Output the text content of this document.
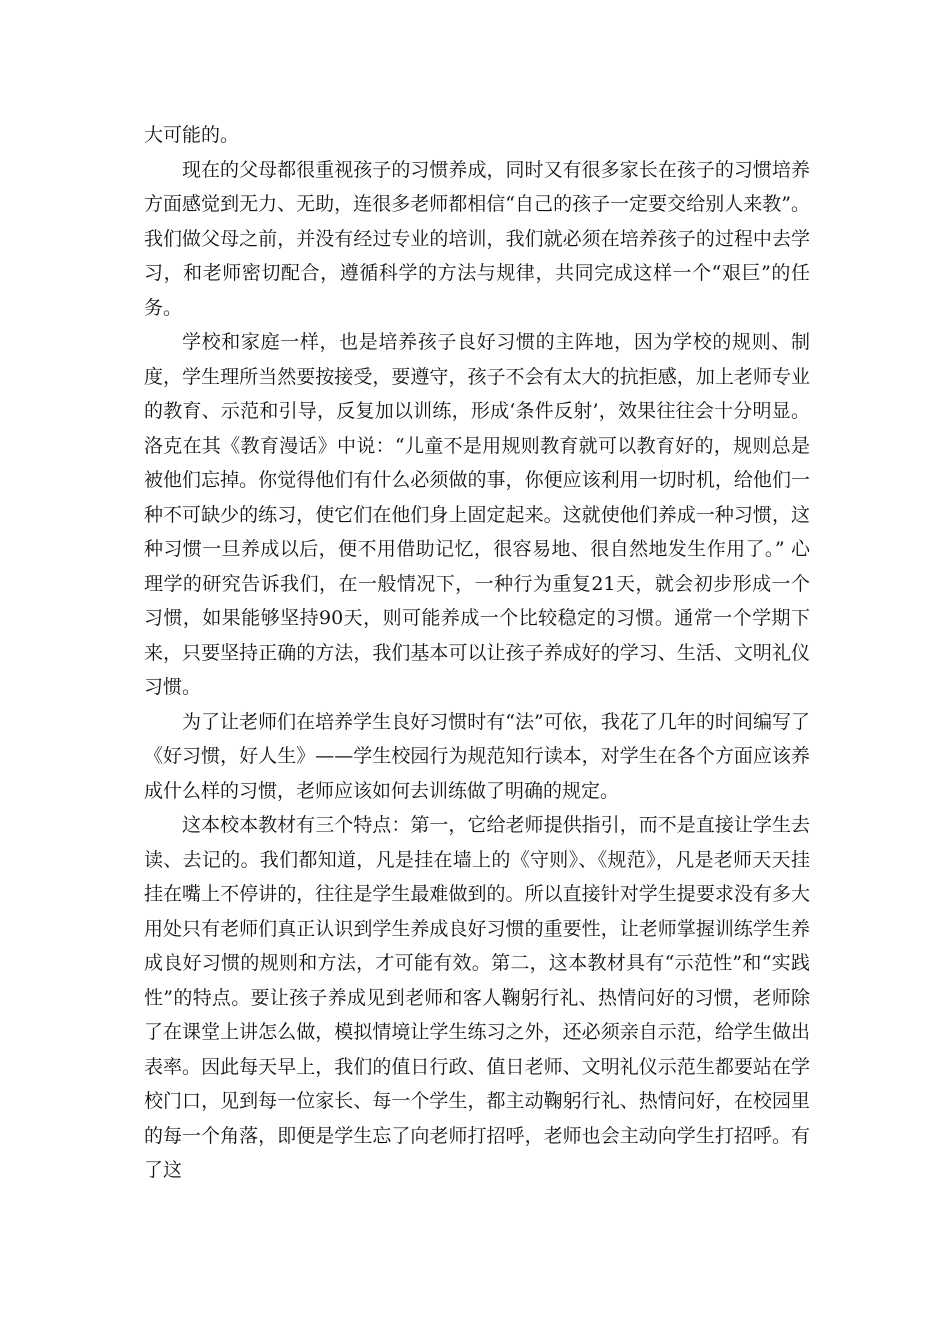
大可能的。

现在的父母都很重视孩子的习惯养成，同时又有很多家长在孩子的习惯培养方面感觉到无力、无助，连很多老师都相信“自己的孩子一定要交给别人来教”。我们做父母之前，并没有经过专业的培训，我们就必须在培养孩子的过程中去学习，和老师密切配合，遵循科学的方法与规律，共同完成这样一个“艰巨”的任务。

学校和家庭一样，也是培养孩子良好习惯的主阵地，因为学校的规则、制度，学生理所当然要按接受，要遵守，孩子不会有太大的抗拒感，加上老师专业的教育、示范和引导，反复加以训练，形成‘条件反射’，效果往往会十分明显。洛克在其《教育漫话》中说：“儿童不是用规则教育就可以教育好的，规则总是被他们忘掉。你觉得他们有什么必须做的事，你便应该利用一切时机，给他们一种不可缺少的练习，使它们在他们身上固定起来。这就使他们养成一种习惯，这种习惯一旦养成以后，便不用借助记忆，很容易地、很自然地发生作用了。” 心理学的研究告诉我们，在一般情况下，一种行为重复21天，就会初步形成一个习惯，如果能够坚持90天，则可能养成一个比较稳定的习惯。通常一个学期下来，只要坚持正确的方法，我们基本可以让孩子养成好的学习、生活、文明礼仪习惯。

为了让老师们在培养学生良好习惯时有“法”可依，我花了几年的时间编写了《好习惯，好人生》——学生校园行为规范知行读本，对学生在各个方面应该养成什么样的习惯，老师应该如何去训练做了明确的规定。

这本校本教材有三个特点：第一，它给老师提供指引，而不是直接让学生去读、去记的。我们都知道，凡是挂在墙上的《守则》、《规范》，凡是老师天天挂挂在嘴上不停讲的，往往是学生最难做到的。所以直接针对学生提要求没有多大用处只有老师们真正认识到学生养成良好习惯的重要性，让老师掌握训练学生养成良好习惯的规则和方法，才可能有效。第二，这本教材具有“示范性”和“实践性”的特点。要让孩子养成见到老师和客人鞠躬行礼、热情问好的习惯，老师除了在课堂上讲怎么做，模拟情境让学生练习之外，还必须亲自示范，给学生做出表率。因此每天早上，我们的值日行政、值日老师、文明礼仪示范生都要站在学校门口，见到每一位家长、每一个学生，都主动鞠躬行礼、热情问好，在校园里的每一个角落，即便是学生忘了向老师打招呼，老师也会主动向学生打招呼。有了这
